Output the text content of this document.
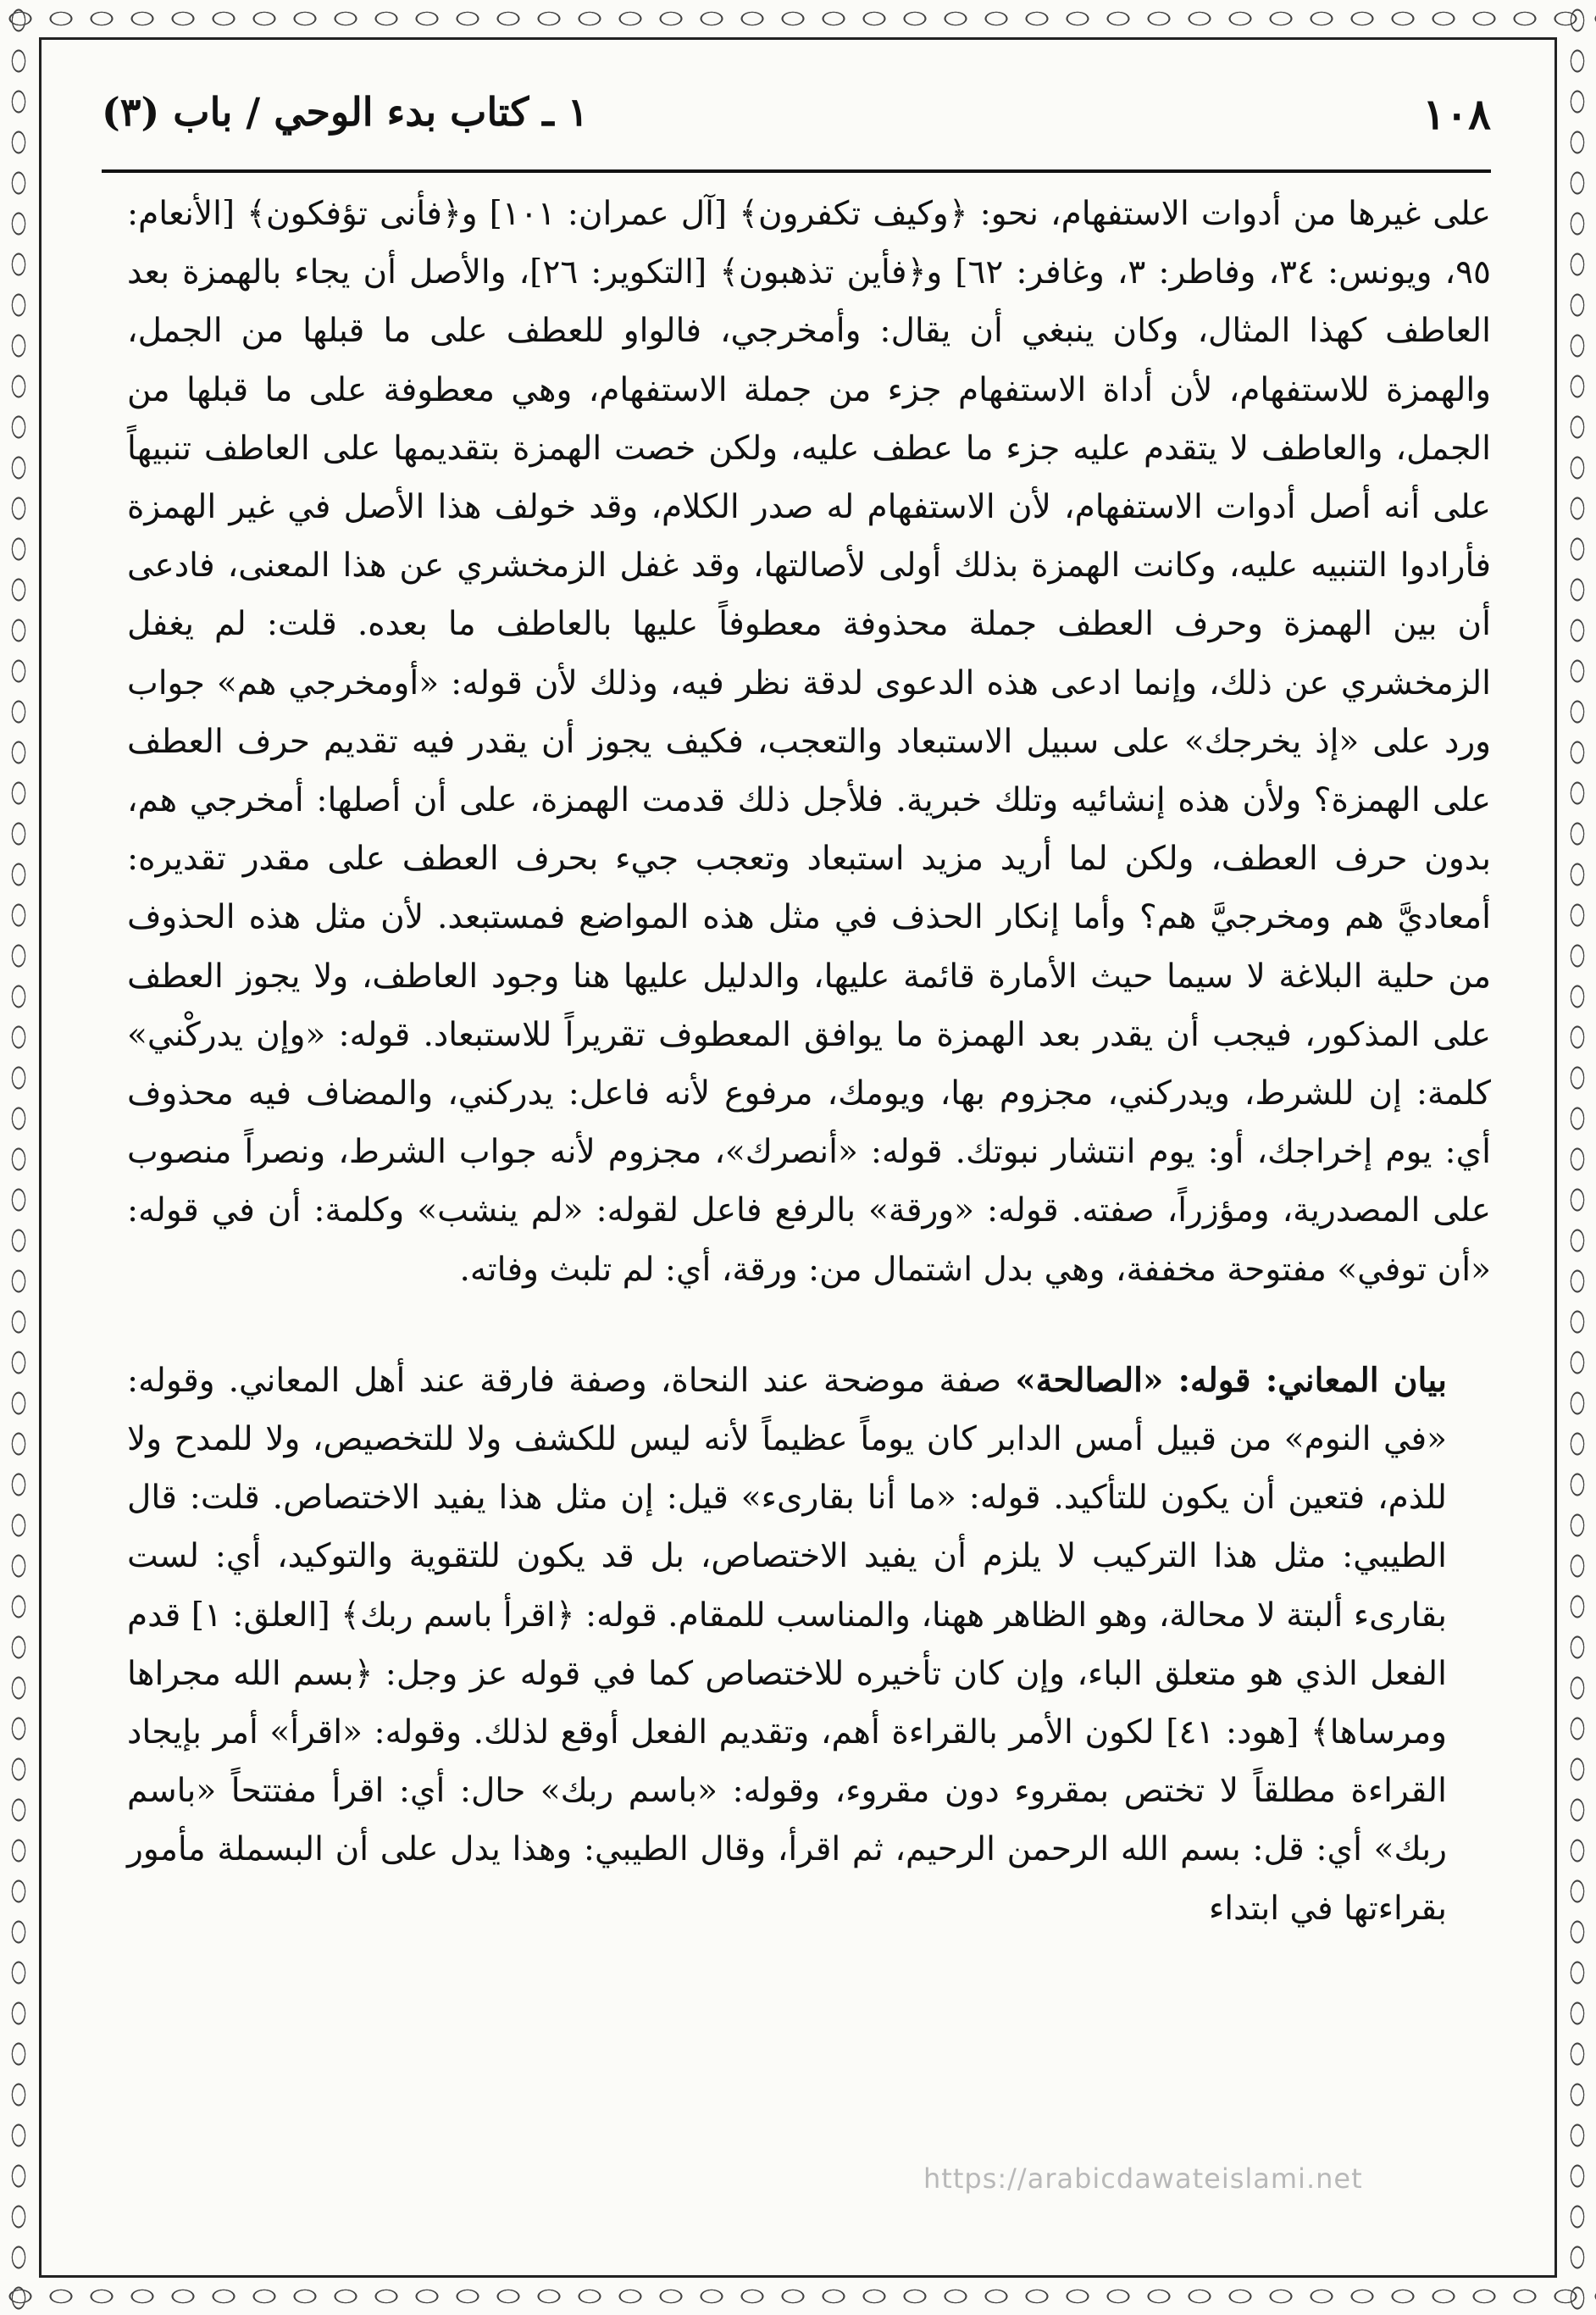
١٠٨
١ ـ كتاب بدء الوحي / باب (٣)

على غيرها من أدوات الاستفهام، نحو: ﴿وكيف تكفرون﴾ [آل عمران: ١٠١] و﴿فأنى تؤفكون﴾ [الأنعام: ٩٥، ويونس: ٣٤، وفاطر: ٣، وغافر: ٦٢] و﴿فأين تذهبون﴾ [التكوير: ٢٦]، والأصل أن يجاء بالهمزة بعد العاطف كهذا المثال، وكان ينبغي أن يقال: وأمخرجي، فالواو للعطف على ما قبلها من الجمل، والهمزة للاستفهام، لأن أداة الاستفهام جزء من جملة الاستفهام، وهي معطوفة على ما قبلها من الجمل، والعاطف لا يتقدم عليه جزء ما عطف عليه، ولكن خصت الهمزة بتقديمها على العاطف تنبيهاً على أنه أصل أدوات الاستفهام، لأن الاستفهام له صدر الكلام، وقد خولف هذا الأصل في غير الهمزة فأرادوا التنبيه عليه، وكانت الهمزة بذلك أولى لأصالتها، وقد غفل الزمخشري عن هذا المعنى، فادعى أن بين الهمزة وحرف العطف جملة محذوفة معطوفاً عليها بالعاطف ما بعده. قلت: لم يغفل الزمخشري عن ذلك، وإنما ادعى هذه الدعوى لدقة نظر فيه، وذلك لأن قوله: «أومخرجي هم» جواب ورد على «إذ يخرجك» على سبيل الاستبعاد والتعجب، فكيف يجوز أن يقدر فيه تقديم حرف العطف على الهمزة؟ ولأن هذه إنشائيه وتلك خبرية. فلأجل ذلك قدمت الهمزة، على أن أصلها: أمخرجي هم، بدون حرف العطف، ولكن لما أريد مزيد استبعاد وتعجب جيء بحرف العطف على مقدر تقديره: أمعاديَّ هم ومخرجيَّ هم؟ وأما إنكار الحذف في مثل هذه المواضع فمستبعد. لأن مثل هذه الحذوف من حلية البلاغة لا سيما حيث الأمارة قائمة عليها، والدليل عليها هنا وجود العاطف، ولا يجوز العطف على المذكور، فيجب أن يقدر بعد الهمزة ما يوافق المعطوف تقريراً للاستبعاد. قوله: «وإن يدركْني» كلمة: إن للشرط، ويدركني، مجزوم بها، ويومك، مرفوع لأنه فاعل: يدركني، والمضاف فيه محذوف أي: يوم إخراجك، أو: يوم انتشار نبوتك. قوله: «أنصرك»، مجزوم لأنه جواب الشرط، ونصراً منصوب على المصدرية، ومؤزراً، صفته. قوله: «ورقة» بالرفع فاعل لقوله: «لم ينشب» وكلمة: أن في قوله: «أن توفي» مفتوحة مخففة، وهي بدل اشتمال من: ورقة، أي: لم تلبث وفاته.

بيان المعاني: قوله: «الصالحة» صفة موضحة عند النحاة، وصفة فارقة عند أهل المعاني. وقوله: «في النوم» من قبيل أمس الدابر كان يوماً عظيماً لأنه ليس للكشف ولا للتخصيص، ولا للمدح ولا للذم، فتعين أن يكون للتأكيد. قوله: «ما أنا بقارىء» قيل: إن مثل هذا يفيد الاختصاص. قلت: قال الطيبي: مثل هذا التركيب لا يلزم أن يفيد الاختصاص، بل قد يكون للتقوية والتوكيد، أي: لست بقارىء ألبتة لا محالة، وهو الظاهر ههنا، والمناسب للمقام. قوله: ﴿اقرأ باسم ربك﴾ [العلق: ١] قدم الفعل الذي هو متعلق الباء، وإن كان تأخيره للاختصاص كما في قوله عز وجل: ﴿بسم الله مجراها ومرساها﴾ [هود: ٤١] لكون الأمر بالقراءة أهم، وتقديم الفعل أوقع لذلك. وقوله: «اقرأ» أمر بإيجاد القراءة مطلقاً لا تختص بمقروء دون مقروء، وقوله: «باسم ربك» حال: أي: اقرأ مفتتحاً «باسم ربك» أي: قل: بسم الله الرحمن الرحيم، ثم اقرأ، وقال الطيبي: وهذا يدل على أن البسملة مأمور بقراءتها في ابتداء

https://arabicdawateislami.net
